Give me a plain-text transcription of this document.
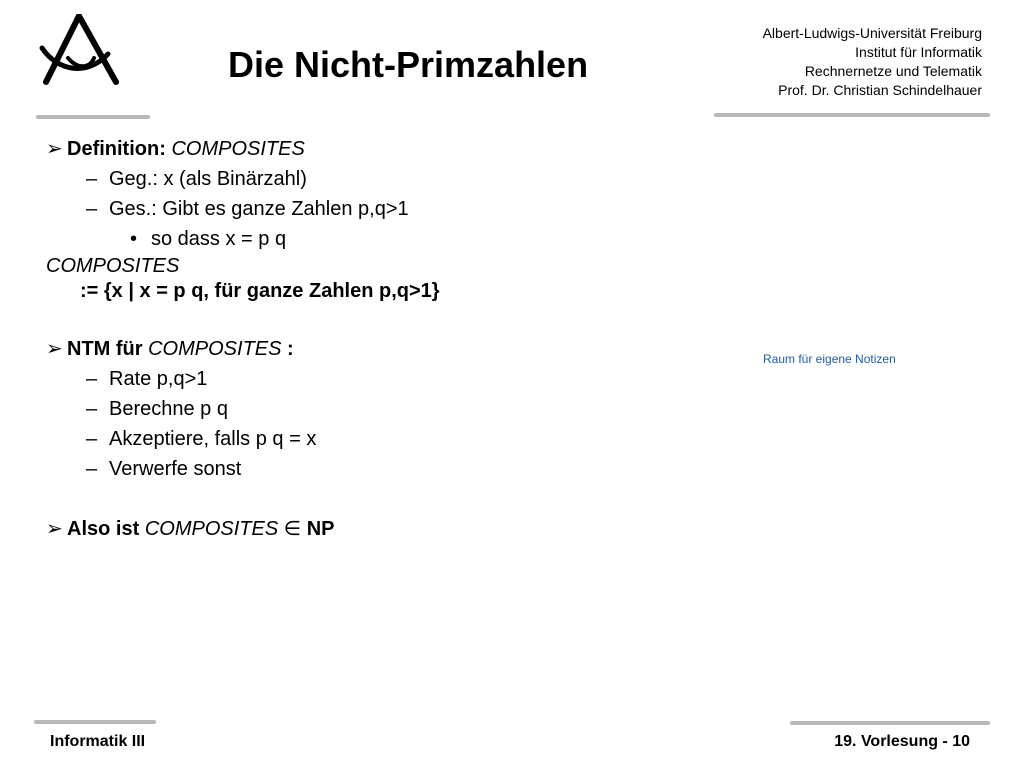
Die Nicht-Primzahlen
Albert-Ludwigs-Universität Freiburg
Institut für Informatik
Rechnernetze und Telematik
Prof. Dr. Christian Schindelhauer
➢ Definition: COMPOSITES
– Geg.: x (als Binärzahl)
– Ges.: Gibt es ganze Zahlen p,q>1
• so dass x = p q
COMPOSITES
:= {x | x = p q, für ganze Zahlen p,q>1}
➢ NTM für COMPOSITES :
– Rate p,q>1
– Berechne p q
– Akzeptiere, falls p q = x
– Verwerfe sonst
➢ Also ist COMPOSITES ∈ NP
Raum für eigene Notizen
Informatik III	19. Vorlesung - 10
